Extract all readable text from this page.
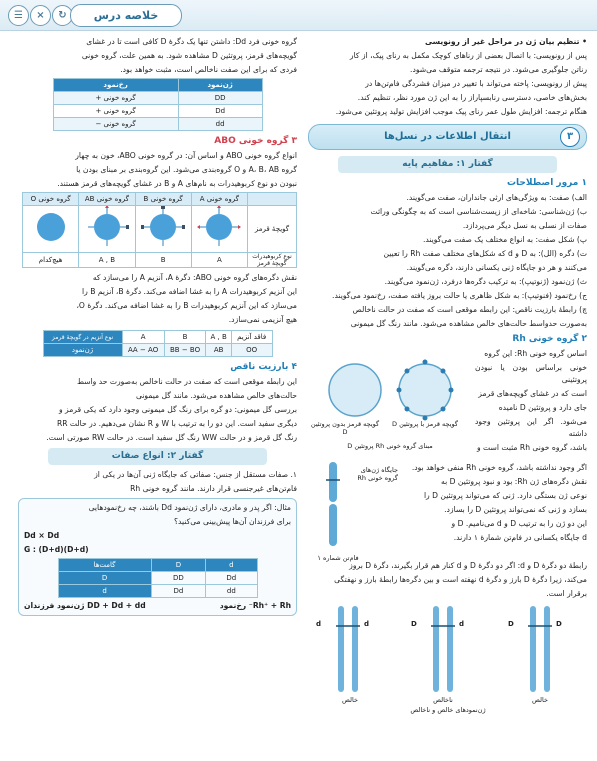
☰	×	↻	خلاصه درس

• تنظیم بیان ژن در مراحل غیر از رونویسی

پس از رونویسی: با اتصال بعضی از رناهای کوچک مکمل به رنای پیک، از کار

رناتن جلوگیری می‌شود. در نتیجه ترجمه متوقف می‌شود.

پیش از رونویسی: پاخته می‌تواند با تغییر در میزان فشردگی فام‌تن‌ها در

بخش‌های خاصی، دسترسی رنابسپاراز را به این ژن مورد نظر، تنظیم کند.

هنگام ترجمه: افزایش طول عمر رنای پیک موجب افزایش تولید پروتئین می‌شود.

۳
انتقال اطلاعات در نسل‌ها
گفتار ۱: مفاهیم پایه
۱ مرور اصطلاحات

الف) صفت: به ویژگی‌های ارثی جانداران، صفت می‌گویند.

ب) ژن‌شناسی: شاخه‌ای از زیست‌شناسی است که به چگونگی وراثت

صفات از نسلی به نسل دیگر می‌پردازد.

پ) شکل صفت: به انواع مختلف یک صفت می‌گویند.

ت) دگره (الل): به D و d که شکل‌های مختلف صفت Rh را تعیین

می‌کنند و هر دو جایگاه ژنی یکسانی دارند، دگره می‌گویند.

ث) ژن‌نمود (ژنوتیپ): به ترکیب دگره‌ها درفرد، ژن‌نمود می‌گویند.

ج) رخ‌نمود (فنوتیپ): به شکل ظاهری یا حالت بروز یافته صفت، رخ‌نمود می‌گویند.

چ) رابطهٔ بارزیت ناقص: این رابطه موقعی است که صفت در حالت ناخالص

به‌صورت حدواسط حالت‌های خالص مشاهده می‌شود. مانند رنگ گل میمونی

۲ گروه خونی Rh

اساس گروه خونی Rh: این گروه

خونی براساس بودن یا نبودن پروتئینی

است که در غشای گویچه‌های قرمز

جای دارد و پروتئین D نامیده

می‌شود. اگر این پروتئین وجود داشته

باشد، گروه خونی Rh مثبت است و

گویچه قرمز بدون پروتئین D
گویچه قرمز با پروتئین D
مبنای گروه خونی Rh پروتئین D

اگر وجود نداشته باشد، گروه خونی Rh منفی خواهد بود.

نقش دگره‌های ژن Rh: بود و نبود پروتئین D به

نوعی ژن بستگی دارد. ژنی که می‌تواند پروتئین D را

بسازد و ژنی که نمی‌تواند پروتئین D را بسازد.

این دو ژن را به ترتیب D و d می‌نامیم. D و

d جایگاه یکسانی در فام‌تن شمارهٔ ۱ دارند.

جایگاه ژن‌های گروه خونی Rh
فام‌تن شماره ۱

رابطهٔ دو دگرهٔ D و d: اگر دو دگرهٔ D و d کنار هم قرار بگیرند، دگرهٔ D بروز

می‌کند، زیرا دگرهٔ D بارز و دگرهٔ d نهفته است و بین دگره‌ها رابطهٔ بارز و نهفتگی

برقرار است.

d	d	D	d	D	D
خالص	ناخالص	خالص
ژن‌نمودهای خالص و ناخالص

گروه خونی فرد Dd: داشتن تنها یک دگرهٔ D کافی است تا در غشای

گویچه‌های قرمز، پروتئین D مشاهده شود. به همین علت، گروه خونی

فردی که برای این صفت ناخالص است، مثبت خواهد بود.

ژن‌نمود	رخ‌نمود
DD	گروه خونی +
Dd	گروه خونی +
dd	گروه خونی −
۳ گروه خونی ABO

انواع گروه خونی ABO و اساس آن: در گروه خونی ABO، خون به چهار

گروه A، B، AB و O گروه‌بندی می‌شود. این گروه‌بندی بر مبنای بودن یا

نبودن دو نوع کربوهیدرات به نام‌های A و B در غشای گویچه‌های قرمز هستند.

	گروه خونی A	گروه خونی B	گروه خونی AB	گروه خونی O
گویچهٔ قرمز				
نوع کربوهیدرات گویچهٔ قرمز	A	B	A , B	هیچ‌کدام

نقش دگره‌های گروه خونی ABO: دگرهٔ A، آنزیم A را می‌سازد که

این آنزیم کربوهیدرات A را به غشا اضافه می‌کند. دگرهٔ B، آنزیم B را

می‌سازد که این آنزیم کربوهیدرات B را به غشا اضافه می‌کند. دگرهٔ O،

هیچ آنزیمی نمی‌سازد.

فاقد آنزیم	A , B	B	A	نوع آنزیم در گویچهٔ قرمز
OO	AB	BB − BO	AA − AO	ژن‌نمود
۴ بارزیت ناقص

این رابطه موقعی است که صفت در حالت ناخالص به‌صورت حد واسط

حالت‌های خالص مشاهده می‌شود. مانند گل میمونی

بررسی گل میمونی: دو گره برای رنگ گل میمونی وجود دارد که یکی قرمز و

دیگری سفید است. این دو را به ترتیب با W و R نشان می‌دهیم. در حالت RR

رنگ گل قرمز و در حالت WW رنگ گل سفید است. در حالت RW صورتی است.

گفتار ۲: انواع صفات

۱. صفات مستقل از جنس: صفاتی که جایگاه ژنی آن‌ها در یکی از

فام‌تن‌های غیرجنسی قرار دارند. مانند گروه خونی Rh

مثال: اگر پدر و مادری، دارای ژن‌نمود Dd باشند، چه رخ‌نمودهایی

برای فرزندان آن‌ها پیش‌بینی می‌کنید؟

Dd × Dd

G : (D+d)(D+d)

d	D	گامت‌ها
Dd	DD	D
dd	Dd	d
Rh⁺ + Rh⁻ رخ‌نمود
DD + Dd + dd ژن‌نمود فرزندان
